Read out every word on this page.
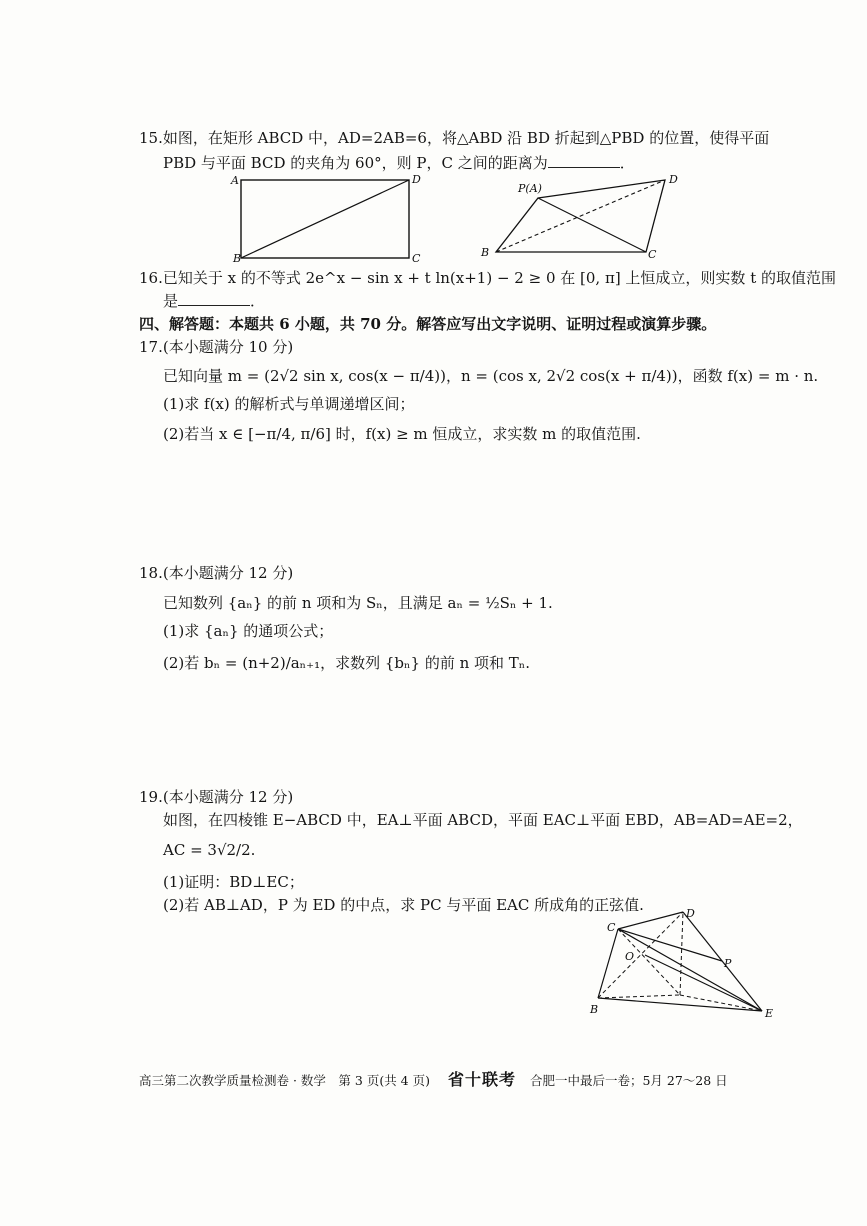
15.如图，在矩形 ABCD 中，AD=2AB=6，将△ABD 沿 BD 折起到△PBD 的位置，使得平面
PBD 与平面 BCD 的夹角为 60°，则 P，C 之间的距离为	．
A	D
B	C
P(A)
D
B	C
16.已知关于 x 的不等式 2e^x − sin x + t ln(x+1) − 2 ≥ 0 在 [0, π] 上恒成立，则实数 t 的取值范围
是	．
四、解答题：本题共 6 小题，共 70 分。解答应写出文字说明、证明过程或演算步骤。
17.(本小题满分 10 分)
已知向量 m = (2√2 sin x, cos(x − π/4))，n = (cos x, 2√2 cos(x + π/4))，函数 f(x) = m · n.
(1)求 f(x) 的解析式与单调递增区间；
(2)若当 x ∈ [−π/4, π/6] 时，f(x) ≥ m 恒成立，求实数 m 的取值范围.
18.(本小题满分 12 分)
已知数列 {aₙ} 的前 n 项和为 Sₙ，且满足 aₙ = ½Sₙ + 1.
(1)求 {aₙ} 的通项公式；
(2)若 bₙ = (n+2)/aₙ₊₁，求数列 {bₙ} 的前 n 项和 Tₙ.
19.(本小题满分 12 分)
如图，在四棱锥 E−ABCD 中，EA⊥平面 ABCD，平面 EAC⊥平面 EBD，AB=AD=AE=2，
AC = 3√2/2.
(1)证明：BD⊥EC；
(2)若 AB⊥AD，P 为 ED 的中点，求 PC 与平面 EAC 所成角的正弦值.
C
D
O
P
B	E
高三第二次教学质量检测卷 · 数学　第 3 页(共 4 页) 省十联考 合肥一中最后一卷；5月 27～28 日
